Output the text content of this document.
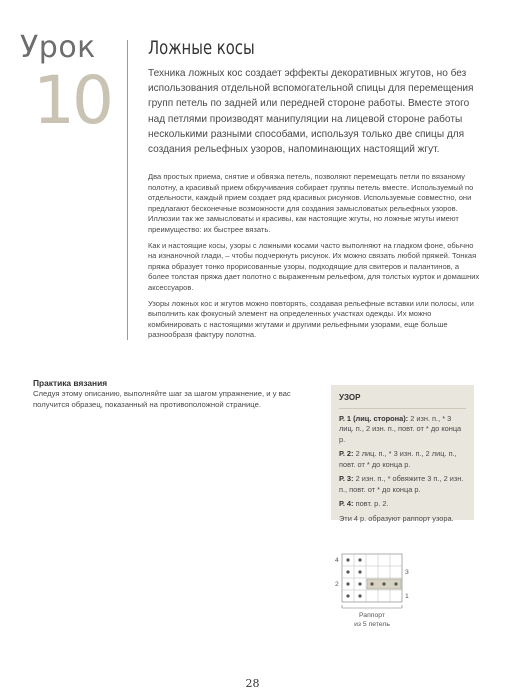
Урок
10
Ложные косы

Техника ложных кос создает эффекты декоративных жгутов, но без использования отдельной вспомогательной спицы для перемещения групп петель по задней или передней стороне работы. Вместе этого над петлями производят манипуляции на лицевой стороне работы несколькими разными способами, используя только две спицы для создания рельефных узоров, напоминающих настоящий жгут.

Два простых приема, снятие и обвязка петель, позволяют перемещать петли по вязаному полотну, а красивый прием обкручивания собирает группы петель вместе. Используемый по отдельности, каждый прием создает ряд красивых рисунков. Используемые совместно, они предлагают бесконечные возможности для создания замысловатых рельефных узоров. Иллюзии так же замысловаты и красивы, как настоящие жгуты, но ложные жгуты имеют преимущество: их быстрее вязать.

Как и настоящие косы, узоры с ложными косами часто выполняют на гладком фоне, обычно на изнаночной глади, – чтобы подчеркнуть рисунок. Их можно связать любой пряжей. Тонкая пряжа образует тонко прорисованные узоры, подходящие для свитеров и палантинов, а более толстая пряжа дает полотно с выраженным рельефом, для толстых курток и домашних аксессуаров.

Узоры ложных кос и жгутов можно повторять, создавая рельефные вставки или полосы, или выполнить как фокусный элемент на определенных участках одежды. Их можно комбинировать с настоящими жгутами и другими рельефными узорами, еще больше разнообразя фактуру полотна.

Практика вязания

Следуя этому описанию, выполняйте шаг за шагом упражнение, и у вас получится образец, показанный на противоположной странице.

УЗОР
Р. 1 (лиц. сторона): 2 изн. п., * 3 лиц. п., 2 изн. п., повт. от * до конца р.
Р. 2: 2 лиц. п., * 3 изн. п., 2 лиц. п., повт. от * до конца р.
Р. 3: 2 изн. п., * обвяжите 3 п., 2 изн. п., повт. от * до конца р.
Р. 4: повт. р. 2.
Эти 4 р. образуют раппорт узора.
4
3
2
1
Раппорт
из 5 петель
28
